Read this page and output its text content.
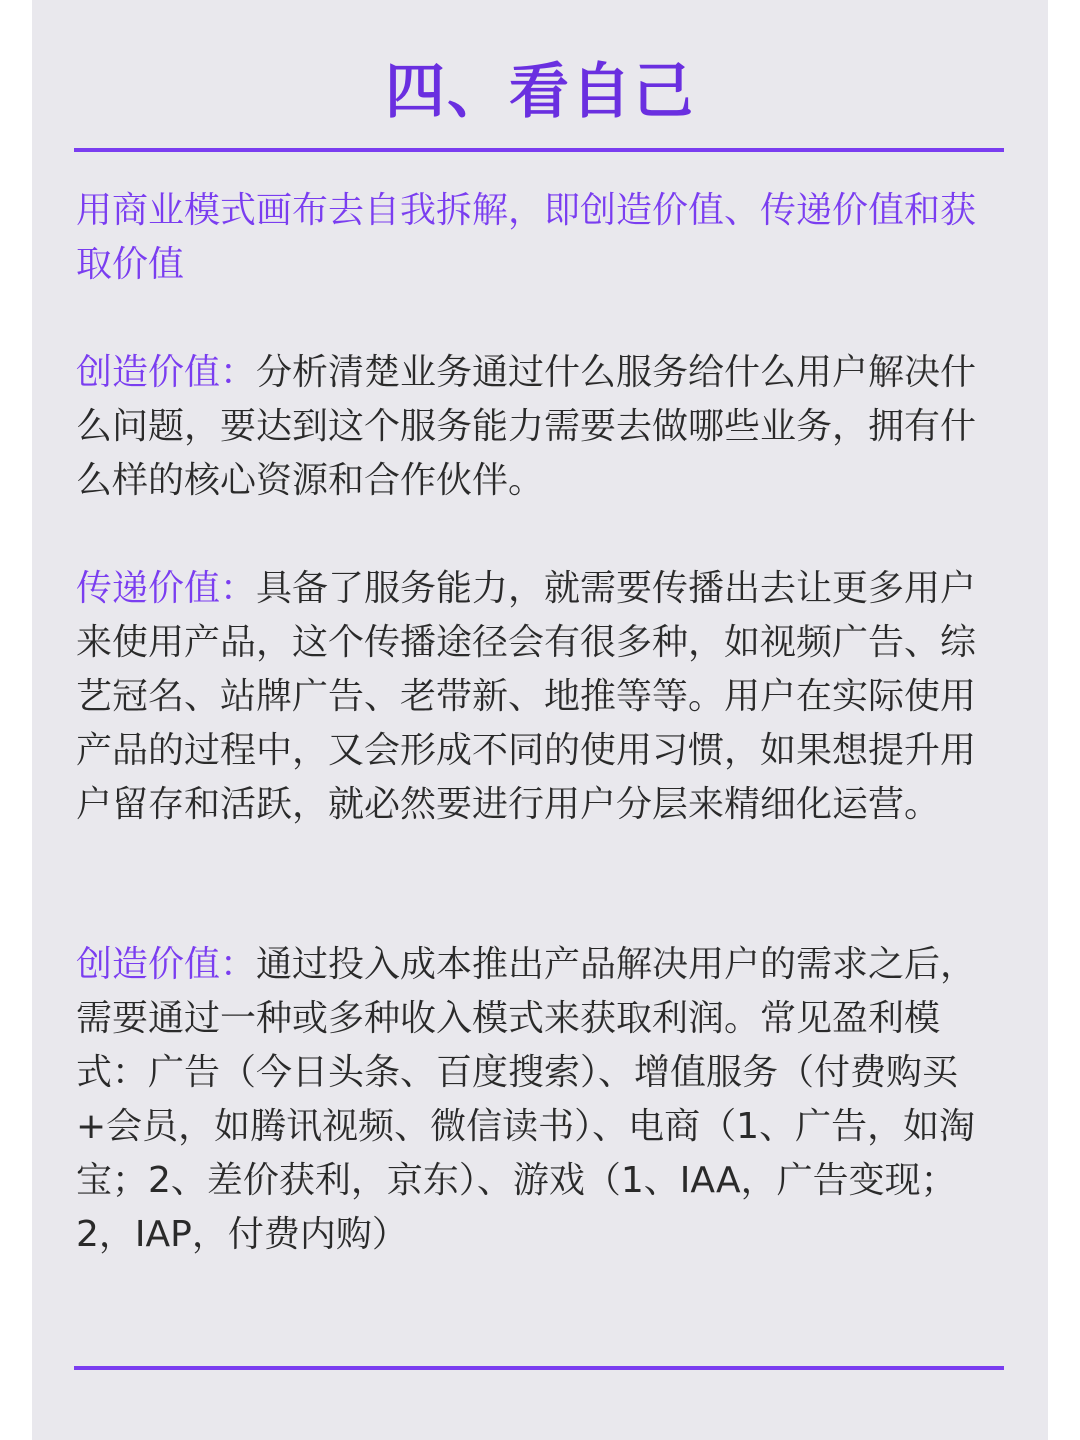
四、看自己

用商业模式画布去自我拆解，即创造价值、传递价值和获取价值

创造价值：分析清楚业务通过什么服务给什么用户解决什么问题，要达到这个服务能力需要去做哪些业务，拥有什么样的核心资源和合作伙伴。

传递价值：具备了服务能力，就需要传播出去让更多用户来使用产品，这个传播途径会有很多种，如视频广告、综艺冠名、站牌广告、老带新、地推等等。用户在实际使用产品的过程中，又会形成不同的使用习惯，如果想提升用户留存和活跃，就必然要进行用户分层来精细化运营。

创造价值：通过投入成本推出产品解决用户的需求之后，需要通过一种或多种收入模式来获取利润。常见盈利模式：广告（今日头条、百度搜索）、增值服务（付费购买+会员，如腾讯视频、微信读书）、电商（1、广告，如淘宝；2、差价获利，京东）、游戏（1、IAA，广告变现；2，IAP，付费内购）
